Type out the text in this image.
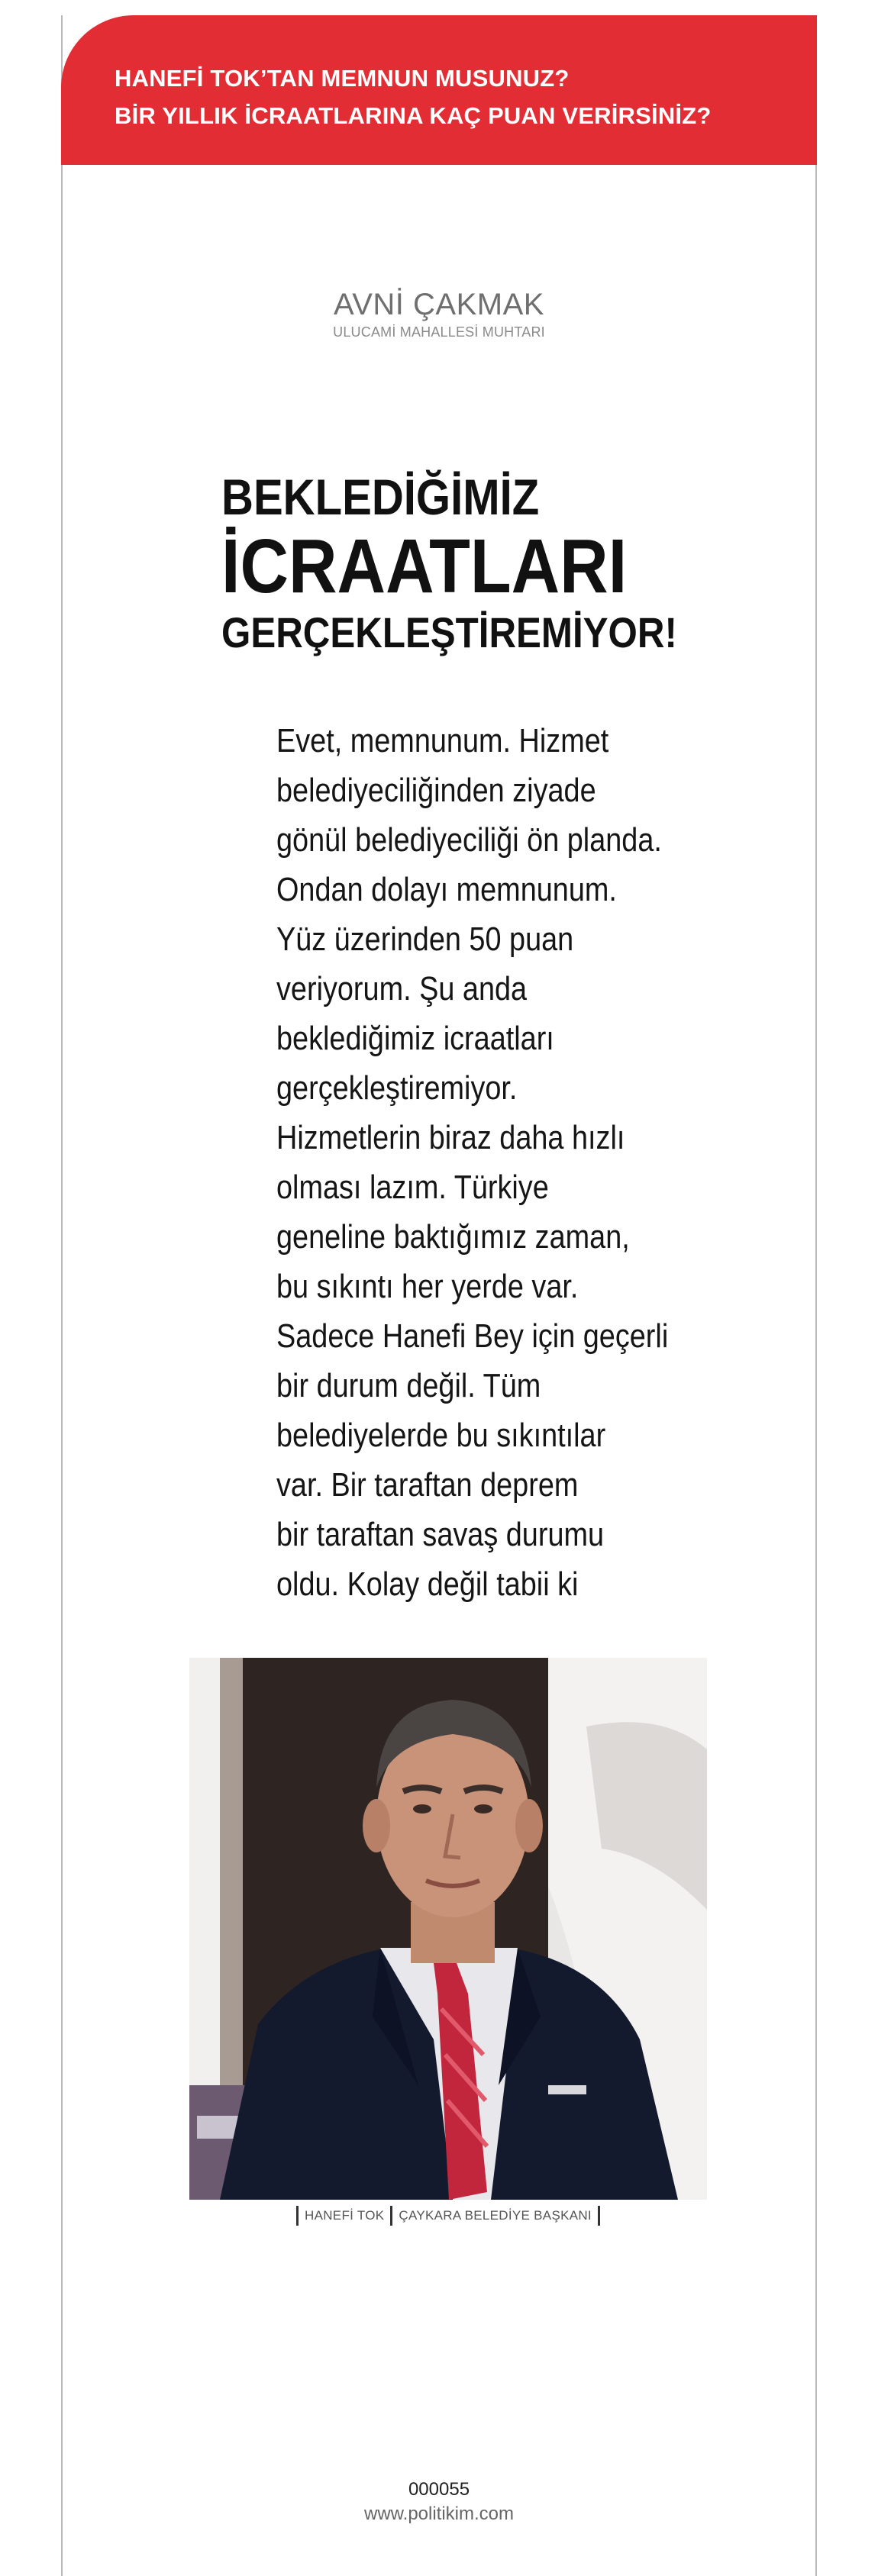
HANEFİ TOK’TAN MEMNUN MUSUNUZ?
BİR YILLIK İCRAATLARINA KAÇ PUAN VERİRSİNİZ?
AVNİ ÇAKMAK
ULUCAMİ MAHALLESİ MUHTARI
BEKLEDİĞİMİZ
İCRAATLARI
GERÇEKLEŞTİREMİYOR!
Evet, memnunum. Hizmet
belediyeciliğinden ziyade
gönül belediyeciliği ön planda.
Ondan dolayı memnunum.
Yüz üzerinden 50 puan
veriyorum. Şu anda
beklediğimiz icraatları
gerçekleştiremiyor.
Hizmetlerin biraz daha hızlı
olması lazım. Türkiye
geneline baktığımız zaman,
bu sıkıntı her yerde var.
Sadece Hanefi Bey için geçerli
bir durum değil. Tüm
belediyelerde bu sıkıntılar
var. Bir taraftan deprem
bir taraftan savaş durumu
oldu. Kolay değil tabii ki
HANEFİ TOK ÇAYKARA BELEDİYE BAŞKANI
000055
www.politikim.com
